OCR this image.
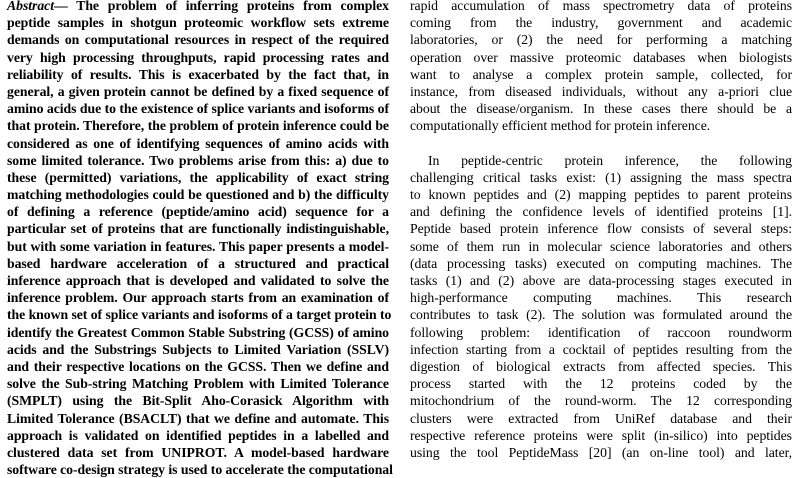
Abstract— The problem of inferring proteins from complex
peptide samples in shotgun proteomic workflow sets extreme
demands on computational resources in respect of the required
very high processing throughputs, rapid processing rates and
reliability of results. This is exacerbated by the fact that, in
general, a given protein cannot be defined by a fixed sequence of
amino acids due to the existence of splice variants and isoforms of
that protein. Therefore, the problem of protein inference could be
considered as one of identifying sequences of amino acids with
some limited tolerance. Two problems arise from this: a) due to
these (permitted) variations, the applicability of exact string
matching methodologies could be questioned and b) the difficulty
of defining a reference (peptide/amino acid) sequence for a
particular set of proteins that are functionally indistinguishable,
but with some variation in features. This paper presents a model-
based hardware acceleration of a structured and practical
inference approach that is developed and validated to solve the
inference problem. Our approach starts from an examination of
the known set of splice variants and isoforms of a target protein to
identify the Greatest Common Stable Substring (GCSS) of amino
acids and the Substrings Subjects to Limited Variation (SSLV)
and their respective locations on the GCSS. Then we define and
solve the Sub-string Matching Problem with Limited Tolerance
(SMPLT) using the Bit-Split Aho-Corasick Algorithm with
Limited Tolerance (BSACLT) that we define and automate. This
approach is validated on identified peptides in a labelled and
clustered data set from UNIPROT. A model-based hardware
software co-design strategy is used to accelerate the computational
rapid accumulation of mass spectrometry data of proteins
coming from the industry, government and academic
laboratories, or (2) the need for performing a matching
operation over massive proteomic databases when biologists
want to analyse a complex protein sample, collected, for
instance, from diseased individuals, without any a-priori clue
about the disease/organism. In these cases there should be a
computationally efficient method for protein inference.
In peptide-centric protein inference, the following
challenging critical tasks exist: (1) assigning the mass spectra
to known peptides and (2) mapping peptides to parent proteins
and defining the confidence levels of identified proteins [1].
Peptide based protein inference flow consists of several steps:
some of them run in molecular science laboratories and others
(data processing tasks) executed on computing machines. The
tasks (1) and (2) above are data-processing stages executed in
high-performance computing machines. This research
contributes to task (2). The solution was formulated around the
following problem: identification of raccoon roundworm
infection starting from a cocktail of peptides resulting from the
digestion of biological extracts from affected species. This
process started with the 12 proteins coded by the
mitochondrium of the round-worm. The 12 corresponding
clusters were extracted from UniRef database and their
respective reference proteins were split (in-silico) into peptides
using the tool PeptideMass [20] (an on-line tool) and later,
